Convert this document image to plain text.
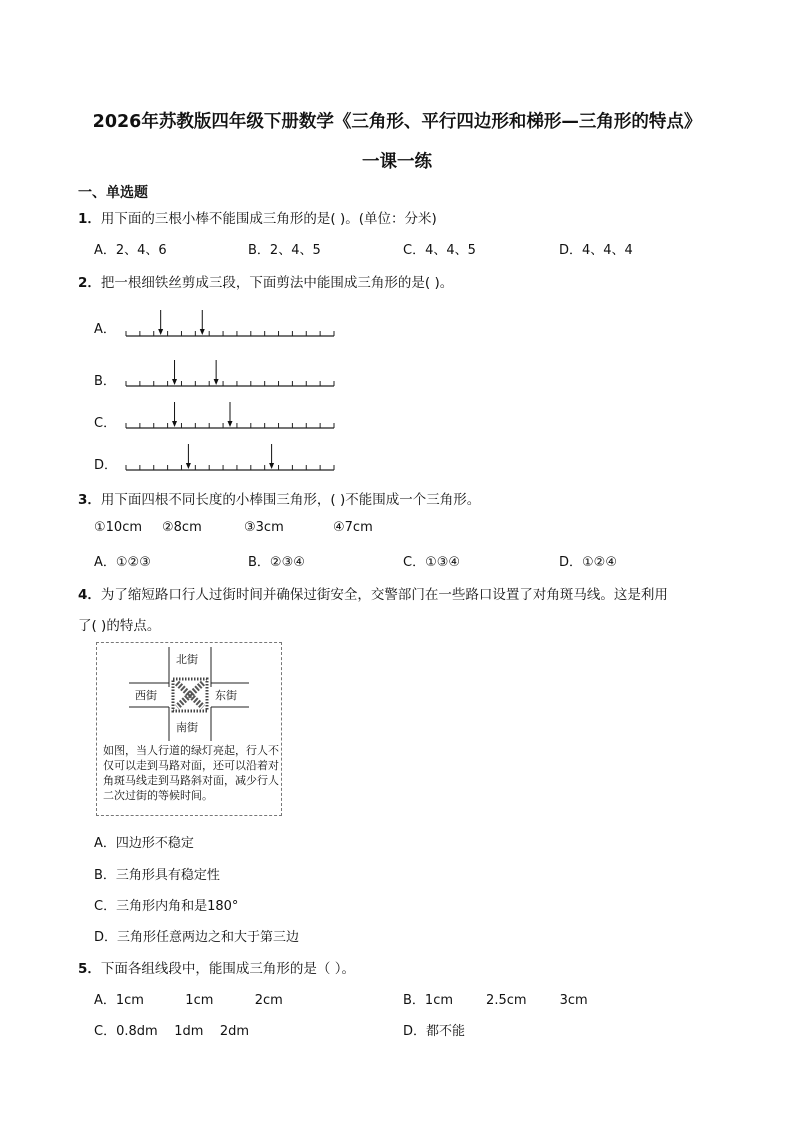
2026年苏教版四年级下册数学《三角形、平行四边形和梯形—三角形的特点》
一课一练
一、单选题
1．用下面的三根小棒不能围成三角形的是( )。(单位：分米)
A．2、4、6	B．2、4、5	C．4、4、5	D．4、4、4
2．把一根细铁丝剪成三段，下面剪法中能围成三角形的是( )。
A．
B．
C．
D．
3．用下面四根不同长度的小棒围三角形，( )不能围成一个三角形。
①10cm ②8cm	③3cm	④7cm
A．①②③	B．②③④	C．①③④	D．①②④
4．为了缩短路口行人过街时间并确保过街安全，交警部门在一些路口设置了对角斑马线。这是利用
了( )的特点。
北街
西街	东街
南街
如图，当人行道的绿灯亮起，行人不仅可以走到马路对面，还可以沿着对角斑马线走到马路斜对面，减少行人二次过街的等候时间。
A．四边形不稳定
B．三角形具有稳定性
C．三角形内角和是180°
D．三角形任意两边之和大于第三边
5．下面各组线段中，能围成三角形的是（ ）。
A．1cm          1cm          2cm	B．1cm        2.5cm        3cm
C．0.8dm    1dm    2dm	D．都不能
